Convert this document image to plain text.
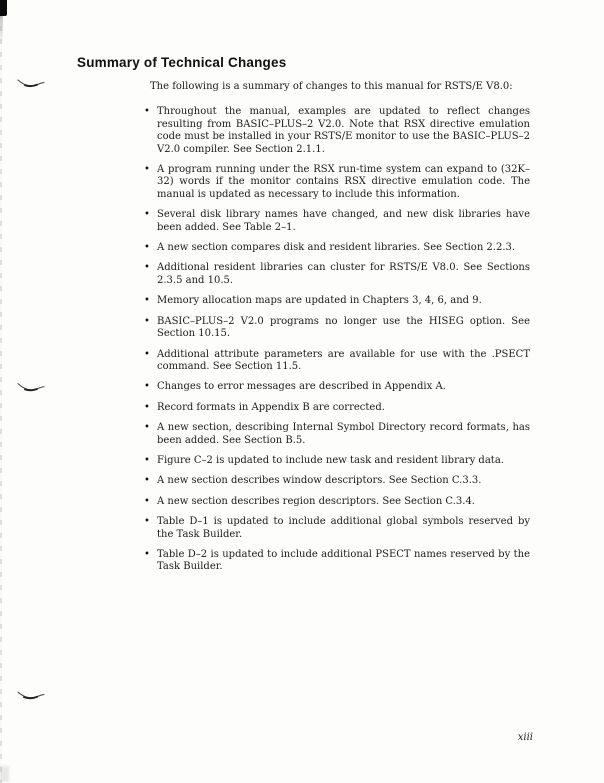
Summary of Technical Changes

The following is a summary of changes to this manual for RSTS/E V8.0:

• Throughout the manual, examples are updated to reflect changes resulting from BASIC–PLUS–2 V2.0. Note that RSX directive emulation code must be installed in your RSTS/E monitor to use the BASIC–PLUS–2 V2.0 compiler. See Section 2.1.1.
• A program running under the RSX run-time system can expand to (32K–32) words if the monitor contains RSX directive emulation code. The manual is updated as necessary to include this information.
• Several disk library names have changed, and new disk libraries have been added. See Table 2–1.
• A new section compares disk and resident libraries. See Section 2.2.3.
• Additional resident libraries can cluster for RSTS/E V8.0. See Sections 2.3.5 and 10.5.
• Memory allocation maps are updated in Chapters 3, 4, 6, and 9.
• BASIC–PLUS–2 V2.0 programs no longer use the HISEG option. See Section 10.15.
• Additional attribute parameters are available for use with the .PSECT command. See Section 11.5.
• Changes to error messages are described in Appendix A.
• Record formats in Appendix B are corrected.
• A new section, describing Internal Symbol Directory record formats, has been added. See Section B.5.
• Figure C–2 is updated to include new task and resident library data.
• A new section describes window descriptors. See Section C.3.3.
• A new section describes region descriptors. See Section C.3.4.
• Table D–1 is updated to include additional global symbols reserved by the Task Builder.
• Table D–2 is updated to include additional PSECT names reserved by the Task Builder.
xiii
